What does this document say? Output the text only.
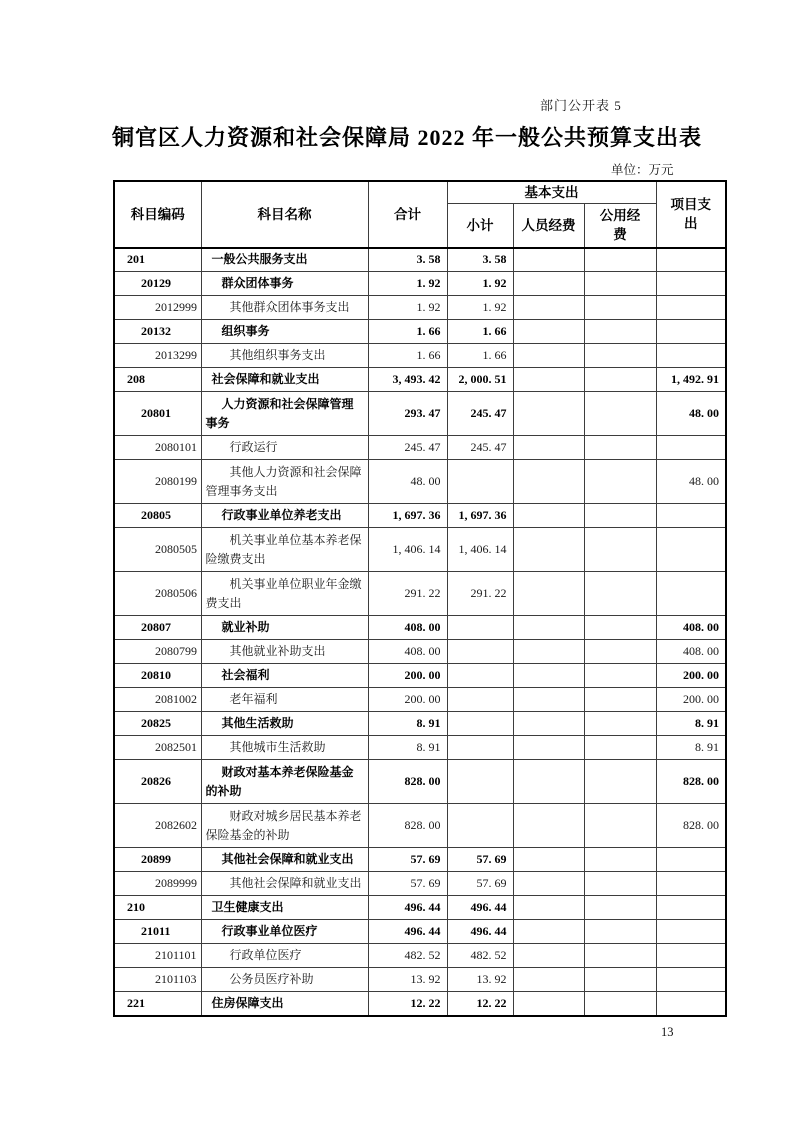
部门公开表 5
铜官区人力资源和社会保障局 2022 年一般公共预算支出表
单位：万元
科目编码	科目名称	合计	基本支出			项目支出
			小计	人员经费	公用经费	
201	一般公共服务支出	3. 58	3. 58			
20129	群众团体事务	1. 92	1. 92			
2012999	其他群众团体事务支出	1. 92	1. 92			
20132	组织事务	1. 66	1. 66			
2013299	其他组织事务支出	1. 66	1. 66			
208	社会保障和就业支出	3, 493. 42	2, 000. 51			1, 492. 91
20801	人力资源和社会保障管理事务	293. 47	245. 47			48. 00
2080101	行政运行	245. 47	245. 47			
2080199	其他人力资源和社会保障管理事务支出	48. 00				48. 00
20805	行政事业单位养老支出	1, 697. 36	1, 697. 36			
2080505	机关事业单位基本养老保险缴费支出	1, 406. 14	1, 406. 14			
2080506	机关事业单位职业年金缴费支出	291. 22	291. 22			
20807	就业补助	408. 00				408. 00
2080799	其他就业补助支出	408. 00				408. 00
20810	社会福利	200. 00				200. 00
2081002	老年福利	200. 00				200. 00
20825	其他生活救助	8. 91				8. 91
2082501	其他城市生活救助	8. 91				8. 91
20826	财政对基本养老保险基金的补助	828. 00				828. 00
2082602	财政对城乡居民基本养老保险基金的补助	828. 00				828. 00
20899	其他社会保障和就业支出	57. 69	57. 69			
2089999	其他社会保障和就业支出	57. 69	57. 69			
210	卫生健康支出	496. 44	496. 44			
21011	行政事业单位医疗	496. 44	496. 44			
2101101	行政单位医疗	482. 52	482. 52			
2101103	公务员医疗补助	13. 92	13. 92			
221	住房保障支出	12. 22	12. 22			
13
